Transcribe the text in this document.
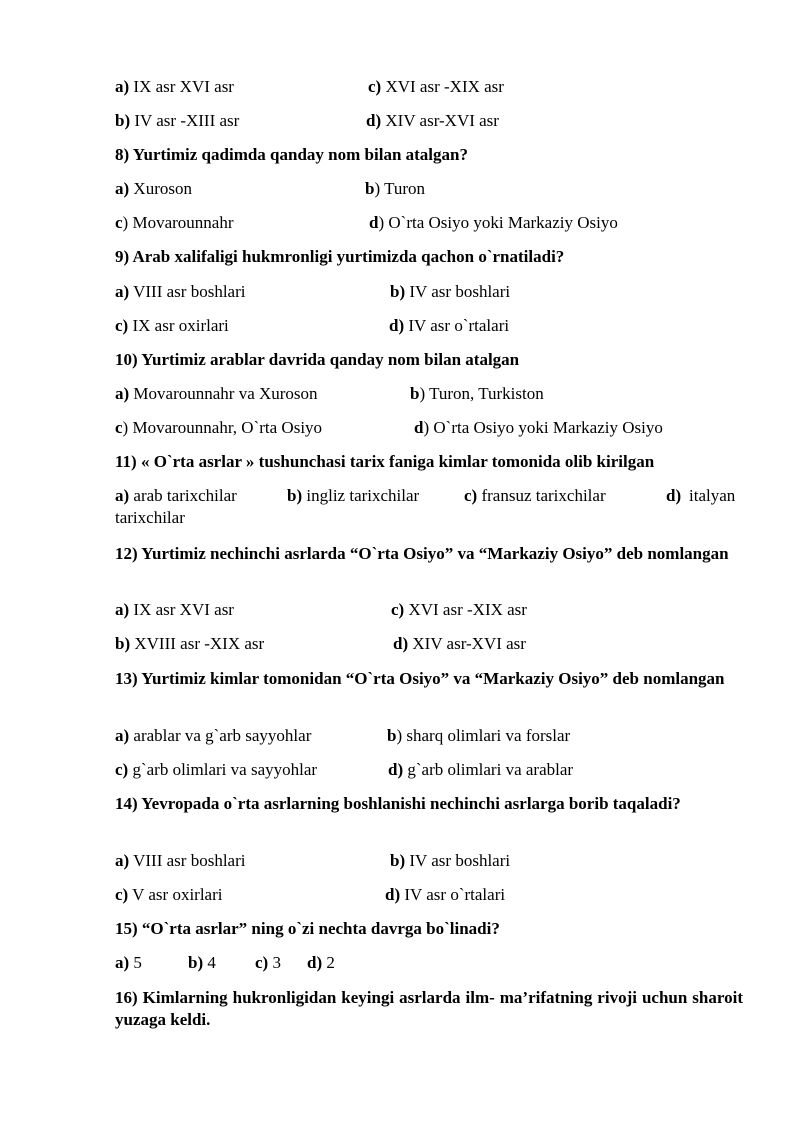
a) IX asr XVI asr	c) XVI asr -XIX asr
b) IV asr -XIII asr	d) XIV asr-XVI asr
8) Yurtimiz qadimda qanday nom bilan atalgan?
a) Xuroson	b) Turon
c) Movarounnahr	d) O`rta Osiyo yoki Markaziy Osiyo
9) Arab xalifaligi hukmronligi yurtimizda qachon o`rnatiladi?
a) VIII asr boshlari	b) IV asr boshlari
c) IX asr oxirlari	d) IV asr o`rtalari
10) Yurtimiz arablar davrida qanday nom bilan atalgan
a) Movarounnahr va Xuroson	b) Turon, Turkiston
c) Movarounnahr, O`rta Osiyo	d) O`rta Osiyo yoki Markaziy Osiyo
11) « O`rta asrlar » tushunchasi tarix faniga kimlar tomonida olib kirilgan
a) arab tarixchilar	b) ingliz tarixchilar	c) fransuz tarixchilar	d) italyan
tarixchilar
12) Yurtimiz nechinchi asrlarda “O`rta Osiyo” va “Markaziy Osiyo” deb nomlangan
a) IX asr XVI asr	c) XVI asr -XIX asr
b) XVIII asr -XIX asr	d) XIV asr-XVI asr
13) Yurtimiz kimlar tomonidan “O`rta Osiyo” va “Markaziy Osiyo” deb nomlangan
a) arablar va g`arb sayyohlar	b) sharq olimlari va forslar
c) g`arb olimlari va sayyohlar	d) g`arb olimlari va arablar
14) Yevropada o`rta asrlarning boshlanishi nechinchi asrlarga borib taqaladi?
a) VIII asr boshlari	b) IV asr boshlari
c) V asr oxirlari	d) IV asr o`rtalari
15) “O`rta asrlar” ning o`zi nechta davrga bo`linadi?
a) 5	b) 4 c) 3 d) 2
16) Kimlarning hukronligidan keyingi asrlarda ilm- ma’rifatning rivoji uchun sharoit yuzaga keldi.
